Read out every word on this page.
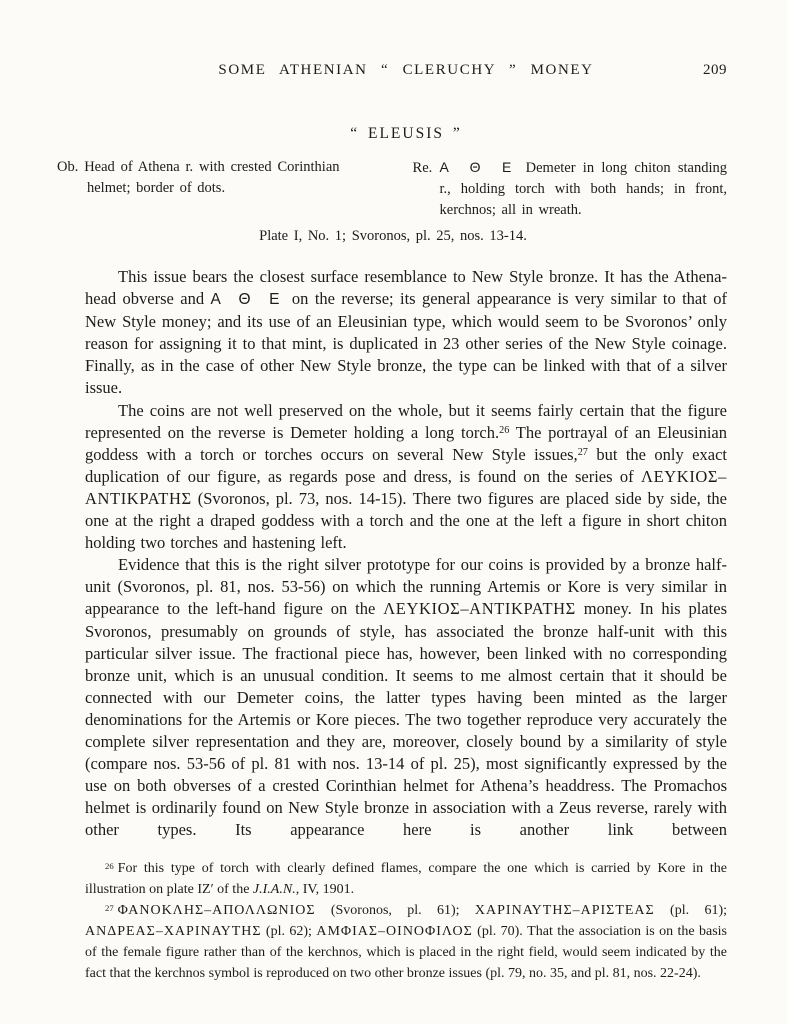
SOME ATHENIAN “ CLERUCHY ” MONEY	209
“ ELEUSIS ”
Ob. Head of Athena r. with crested Corinthian helmet; border of dots.
Re. Α Θ Ε Demeter in long chiton standing r., holding torch with both hands; in front, kerchnos; all in wreath.
Plate I, No. 1; Svoronos, pl. 25, nos. 13-14.

This issue bears the closest surface resemblance to New Style bronze. It has the Athena-head obverse and Α Θ Ε on the reverse; its general appearance is very similar to that of New Style money; and its use of an Eleusinian type, which would seem to be Svoronos’ only reason for assigning it to that mint, is duplicated in 23 other series of the New Style coinage. Finally, as in the case of other New Style bronze, the type can be linked with that of a silver issue.

The coins are not well preserved on the whole, but it seems fairly certain that the figure represented on the reverse is Demeter holding a long torch.$^{26}$ The portrayal of an Eleusinian goddess with a torch or torches occurs on several New Style issues,$^{27}$ but the only exact duplication of our figure, as regards pose and dress, is found on the series of ΛΕΥΚΙΟΣ–ΑΝΤΙΚΡΑΤΗΣ (Svoronos, pl. 73, nos. 14-15). There two figures are placed side by side, the one at the right a draped goddess with a torch and the one at the left a figure in short chiton holding two torches and hastening left.

Evidence that this is the right silver prototype for our coins is provided by a bronze half-unit (Svoronos, pl. 81, nos. 53-56) on which the running Artemis or Kore is very similar in appearance to the left-hand figure on the ΛΕΥΚΙΟΣ–ΑΝΤΙΚΡΑΤΗΣ money. In his plates Svoronos, presumably on grounds of style, has associated the bronze half-unit with this particular silver issue. The fractional piece has, however, been linked with no corresponding bronze unit, which is an unusual condition. It seems to me almost certain that it should be connected with our Demeter coins, the latter types having been minted as the larger denominations for the Artemis or Kore pieces. The two together reproduce very accurately the complete silver representation and they are, moreover, closely bound by a similarity of style (compare nos. 53-56 of pl. 81 with nos. 13-14 of pl. 25), most significantly expressed by the use on both obverses of a crested Corinthian helmet for Athena’s headdress. The Promachos helmet is ordinarily found on New Style bronze in association with a Zeus reverse, rarely with other types. Its appearance here is another link between

$^{26}$ For this type of torch with clearly defined flames, compare the one which is carried by Kore in the illustration on plate ΙΖ′ of the J.I.A.N., IV, 1901.

$^{27}$ ΦΑΝΟΚΛΗΣ–ΑΠΟΛΛΩΝΙΟΣ (Svoronos, pl. 61); ΧΑΡΙΝΑΥΤΗΣ–ΑΡΙΣΤΕΑΣ (pl. 61); ΑΝΔΡΕΑΣ–ΧΑΡΙΝΑΥΤΗΣ (pl. 62); ΑΜΦΙΑΣ–ΟΙΝΟΦΙΛΟΣ (pl. 70). That the association is on the basis of the female figure rather than of the kerchnos, which is placed in the right field, would seem indicated by the fact that the kerchnos symbol is reproduced on two other bronze issues (pl. 79, no. 35, and pl. 81, nos. 22-24).
